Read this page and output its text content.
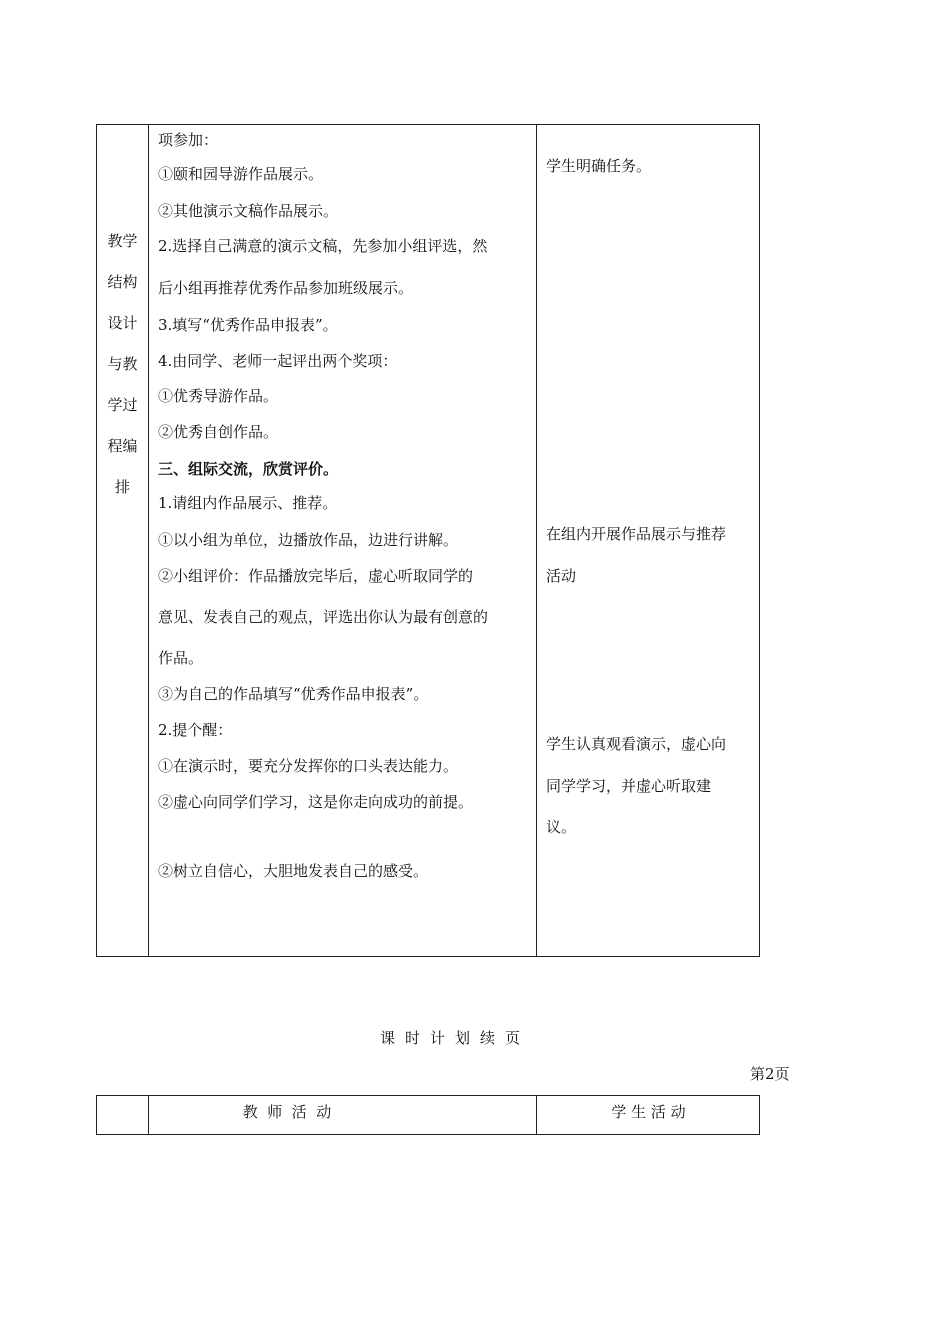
教学
结构
设计
与教
学过
程编
排
项参加：
①颐和园导游作品展示。
②其他演示文稿作品展示。
2.选择自己满意的演示文稿，先参加小组评选，然
后小组再推荐优秀作品参加班级展示。
3.填写“优秀作品申报表”。
4.由同学、老师一起评出两个奖项：
①优秀导游作品。
②优秀自创作品。
三、组际交流，欣赏评价。
1.请组内作品展示、推荐。
①以小组为单位，边播放作品，边进行讲解。
②小组评价：作品播放完毕后，虚心听取同学的
意见、发表自己的观点，评选出你认为最有创意的
作品。
③为自己的作品填写“优秀作品申报表”。
2.提个醒：
①在演示时，要充分发挥你的口头表达能力。
②虚心向同学们学习，这是你走向成功的前提。
②树立自信心，大胆地发表自己的感受。
学生明确任务。
在组内开展作品展示与推荐
活动
学生认真观看演示，虚心向
同学学习，并虚心听取建
议。
课时计划续页
第2页
教  师  活  动	学 生 活 动
